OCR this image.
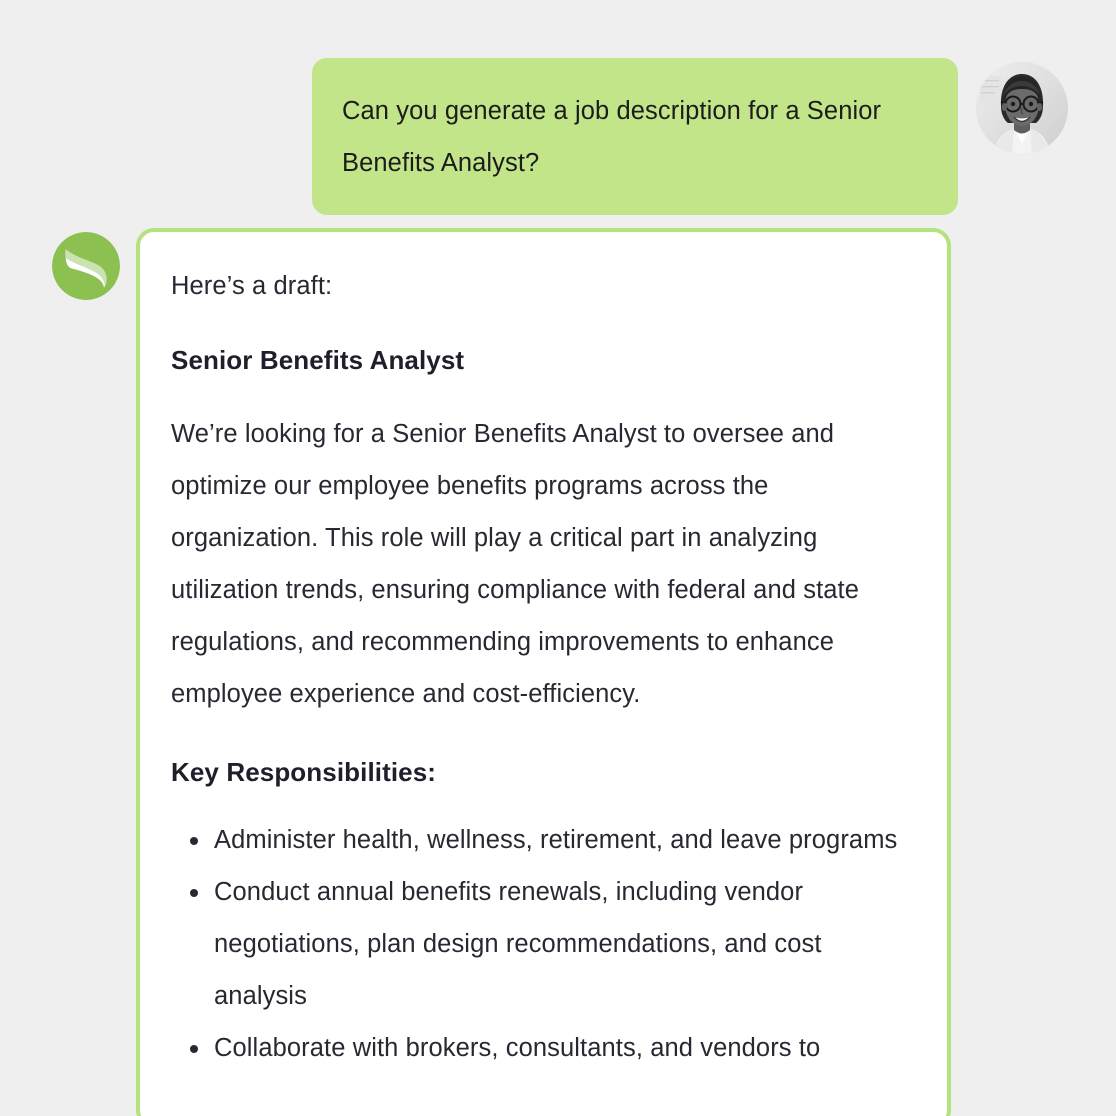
Can you generate a job description for a Senior Benefits Analyst?

Here’s a draft:

Senior Benefits Analyst

We’re looking for a Senior Benefits Analyst to oversee and optimize our employee benefits programs across the organization. This role will play a critical part in analyzing utilization trends, ensuring compliance with federal and state regulations, and recommending improvements to enhance employee experience and cost-efficiency.

Key Responsibilities:

Administer health, wellness, retirement, and leave programs
Conduct annual benefits renewals, including vendor negotiations, plan design recommendations, and cost analysis
Collaborate with brokers, consultants, and vendors to
